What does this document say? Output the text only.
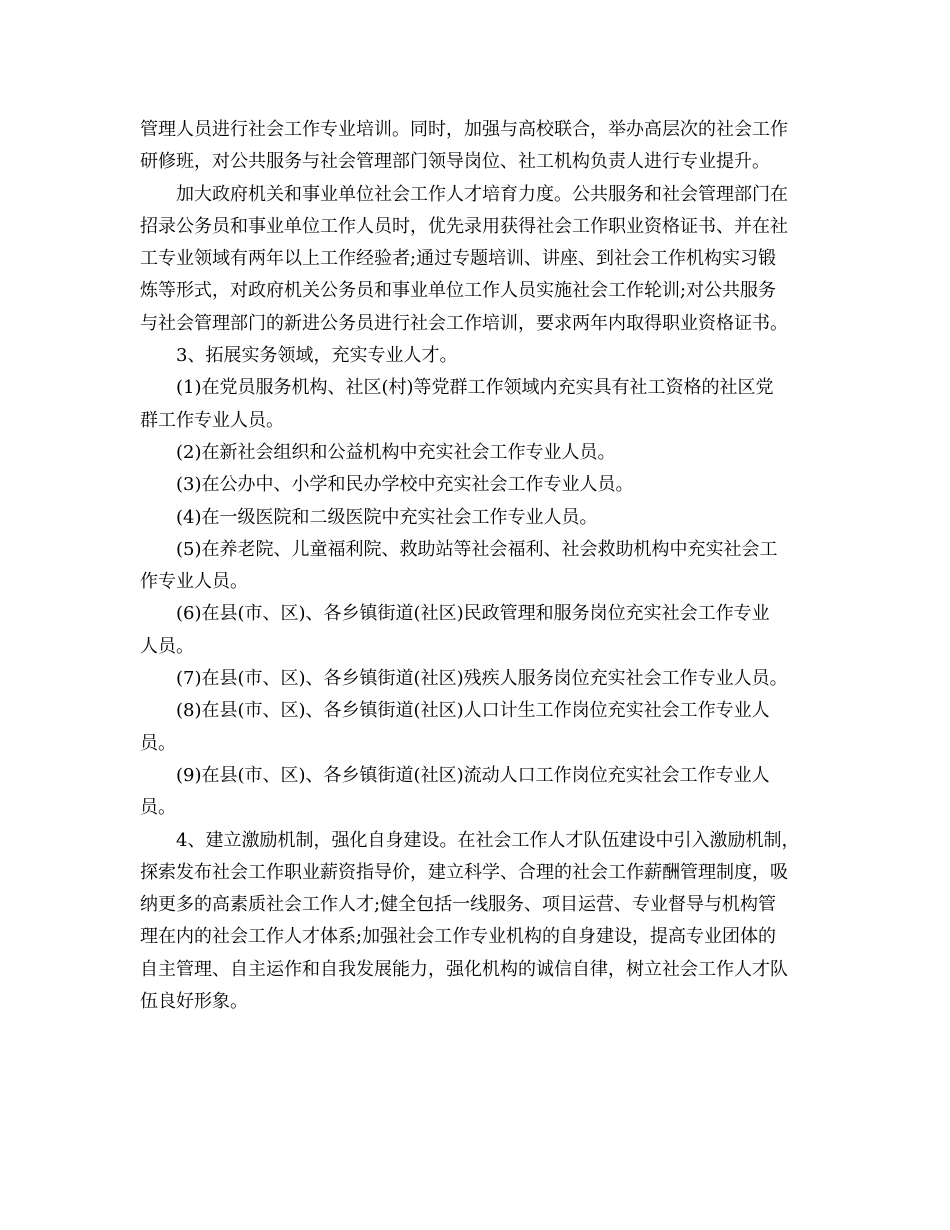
管理人员进行社会工作专业培训。同时，加强与高校联合，举办高层次的社会工作
研修班，对公共服务与社会管理部门领导岗位、社工机构负责人进行专业提升。
加大政府机关和事业单位社会工作人才培育力度。公共服务和社会管理部门在
招录公务员和事业单位工作人员时，优先录用获得社会工作职业资格证书、并在社
工专业领域有两年以上工作经验者;通过专题培训、讲座、到社会工作机构实习锻
炼等形式，对政府机关公务员和事业单位工作人员实施社会工作轮训;对公共服务
与社会管理部门的新进公务员进行社会工作培训，要求两年内取得职业资格证书。
3、拓展实务领域，充实专业人才。
(1)在党员服务机构、社区(村)等党群工作领域内充实具有社工资格的社区党
群工作专业人员。
(2)在新社会组织和公益机构中充实社会工作专业人员。
(3)在公办中、小学和民办学校中充实社会工作专业人员。
(4)在一级医院和二级医院中充实社会工作专业人员。
(5)在养老院、儿童福利院、救助站等社会福利、社会救助机构中充实社会工
作专业人员。
(6)在县(市、区)、各乡镇街道(社区)民政管理和服务岗位充实社会工作专业
人员。
(7)在县(市、区)、各乡镇街道(社区)残疾人服务岗位充实社会工作专业人员。
(8)在县(市、区)、各乡镇街道(社区)人口计生工作岗位充实社会工作专业人
员。
(9)在县(市、区)、各乡镇街道(社区)流动人口工作岗位充实社会工作专业人
员。
4、建立激励机制，强化自身建设。在社会工作人才队伍建设中引入激励机制，
探索发布社会工作职业薪资指导价，建立科学、合理的社会工作薪酬管理制度，吸
纳更多的高素质社会工作人才;健全包括一线服务、项目运营、专业督导与机构管
理在内的社会工作人才体系;加强社会工作专业机构的自身建设，提高专业团体的
自主管理、自主运作和自我发展能力，强化机构的诚信自律，树立社会工作人才队
伍良好形象。
